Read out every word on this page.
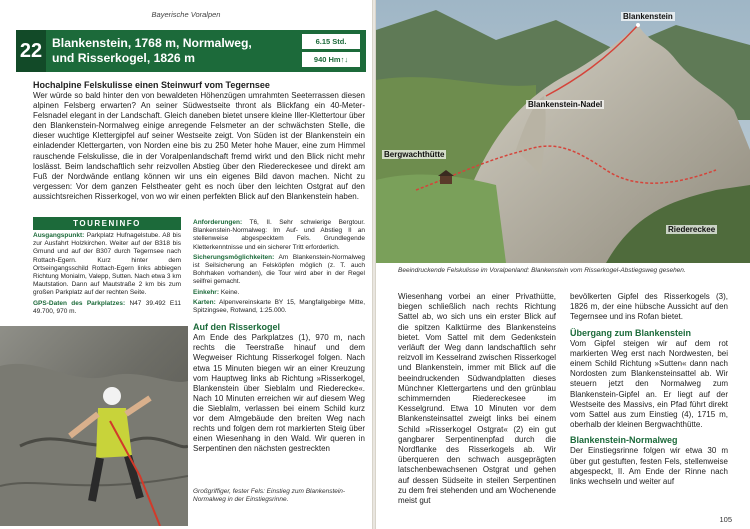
Bayerische Voralpen
22 Blankenstein, 1768 m, Normalweg,
und Risserkogel, 1826 m
6.15 Std.
940 Hm↑↓
Hochalpine Felskulisse einen Steinwurf vom Tegernsee

Wer würde so bald hinter den von bewaldeten Höhenzügen umrahmten Seeterrassen diesen alpinen Felsberg erwarten? An seiner Südwestseite thront als Blickfang ein 40-Meter-Felsnadel elegant in der Landschaft. Gleich daneben bietet unsere kleine Iller-Klettertour über den Blankenstein-Normalweg einige anregende Felsmeter an der schwächsten Stelle, die dieser wuchtige Klettergipfel auf seiner Westseite zeigt. Von Süden ist der Blankenstein ein einladender Klettergarten, von Norden eine bis zu 250 Meter hohe Mauer, eine zum Himmel rauschende Felskulisse, die in der Voralpenlandschaft fremd wirkt und den Blick nicht mehr loslässt. Beim landschaftlich sehr reizvollen Abstieg über den Riedereckesee und direkt am Fuß der Nordwände entlang können wir uns ein eigenes Bild davon machen. Nicht zu vergessen: Vor dem ganzen Felstheater geht es noch über den leichten Ostgrat auf den aussichtsreichen Risserkogel, von wo wir einen perfekten Blick auf den Blankenstein haben.

TOURENINFO

Ausgangspunkt: Parkplatz Hufnagelstube. A8 bis zur Ausfahrt Holzkirchen. Weiter auf der B318 bis Gmund und auf der B307 durch Tegernsee nach Rottach-Egern. Kurz hinter dem Ortseingangsschild Rottach-Egern links abbiegen Richtung Monialm, Valepp, Sutten. Nach etwa 3 km Mautstation. Dann auf Mautstraße 2 km bis zum großen Parkplatz auf der rechten Seite.

GPS-Daten des Parkplatzes: N47 39.492 E11 49.700, 970 m.

Anforderungen: T6, II. Sehr schwierige Bergtour. Blankenstein-Normalweg: Im Auf- und Abstieg II an stellenweise abgespecktem Fels. Grundlegende Kletterkenntnisse und ein sicherer Tritt erforderlich.

Sicherungsmöglichkeiten: Am Blankenstein-Normalweg ist Seilsicherung an Felsköpfen möglich (z. T. auch Bohrhaken vorhanden), die Tour wird aber in der Regel seilfrei gemacht.

Einkehr: Keine.

Karten: Alpenvereinskarte BY 15, Mangfallgebirge Mitte, Spitzingsee, Rotwand, 1:25.000.

Auf den Risserkogel

Am Ende des Parkplatzes (1), 970 m, nach rechts die Teerstraße hinauf und dem Wegweiser Richtung Risserkogel folgen. Nach etwa 15 Minuten biegen wir an einer Kreuzung vom Hauptweg links ab Richtung »Risserkogel, Blankenstein über Sieblalm und Riederecke«. Nach 10 Minuten erreichen wir auf diesem Weg die Sieblalm, verlassen bei einem Schild kurz vor dem Almgebäude den breiten Weg nach rechts und folgen dem rot markierten Steig über einen Wiesenhang in den Wald. Wir queren in Serpentinen den nächsten gestreckten

Großgriffiger, fester Fels: Einstieg zum Blankenstein-Normalweg in der Einstiegsrinne.

Blankenstein
Blankenstein-Nadel
Bergwachthütte
Riedereckee

Beeindruckende Felskulisse im Voralpenland: Blankenstein vom Risserkogel-Abstiegsweg gesehen.

Wiesenhang vorbei an einer Privathütte, biegen schließlich nach rechts Richtung Sattel ab, wo sich uns ein erster Blick auf die spitzen Kalktürme des Blankensteins bietet. Vom Sattel mit dem Gedenkstein verläuft der Weg dann landschaftlich sehr reizvoll im Kesselrand zwischen Risserkogel und Blankenstein, immer mit Blick auf die beeindruckenden Südwandplatten dieses Münchner Klettergartens und den grünblau schimmernden Riedereckesee im Kesselgrund. Etwa 10 Minuten vor dem Blankensteinsattel zweigt links bei einem Schild »Risserkogel Ostgrat« (2) ein gut gangbarer Serpentinenpfad durch die Nordflanke des Risserkogels ab. Wir überqueren den schwach ausgeprägten latschenbewachsenen Ostgrat und gehen auf dessen Südseite in steilen Serpentinen zu dem frei stehenden und am Wochenende meist gut

bevölkerten Gipfel des Risserkogels (3), 1826 m, der eine hübsche Aussicht auf den Tegernsee und ins Rofan bietet.

Übergang zum Blankenstein

Vom Gipfel steigen wir auf dem rot markierten Weg erst nach Nordwesten, bei einem Schild Richtung »Sutten« dann nach Nordosten zum Blankensteinsattel ab. Wir steuern jetzt den Normalweg zum Blankenstein-Gipfel an. Er liegt auf der Westseite des Massivs, ein Pfad führt direkt vom Sattel aus zum Einstieg (4), 1715 m, oberhalb der kleinen Bergwachthütte.

Blankenstein-Normalweg

Der Einstiegsrinne folgen wir etwa 30 m über gut gestuften, festen Fels, stellenweise abgespeckt, II. Am Ende der Rinne nach links wechseln und weiter auf

105
